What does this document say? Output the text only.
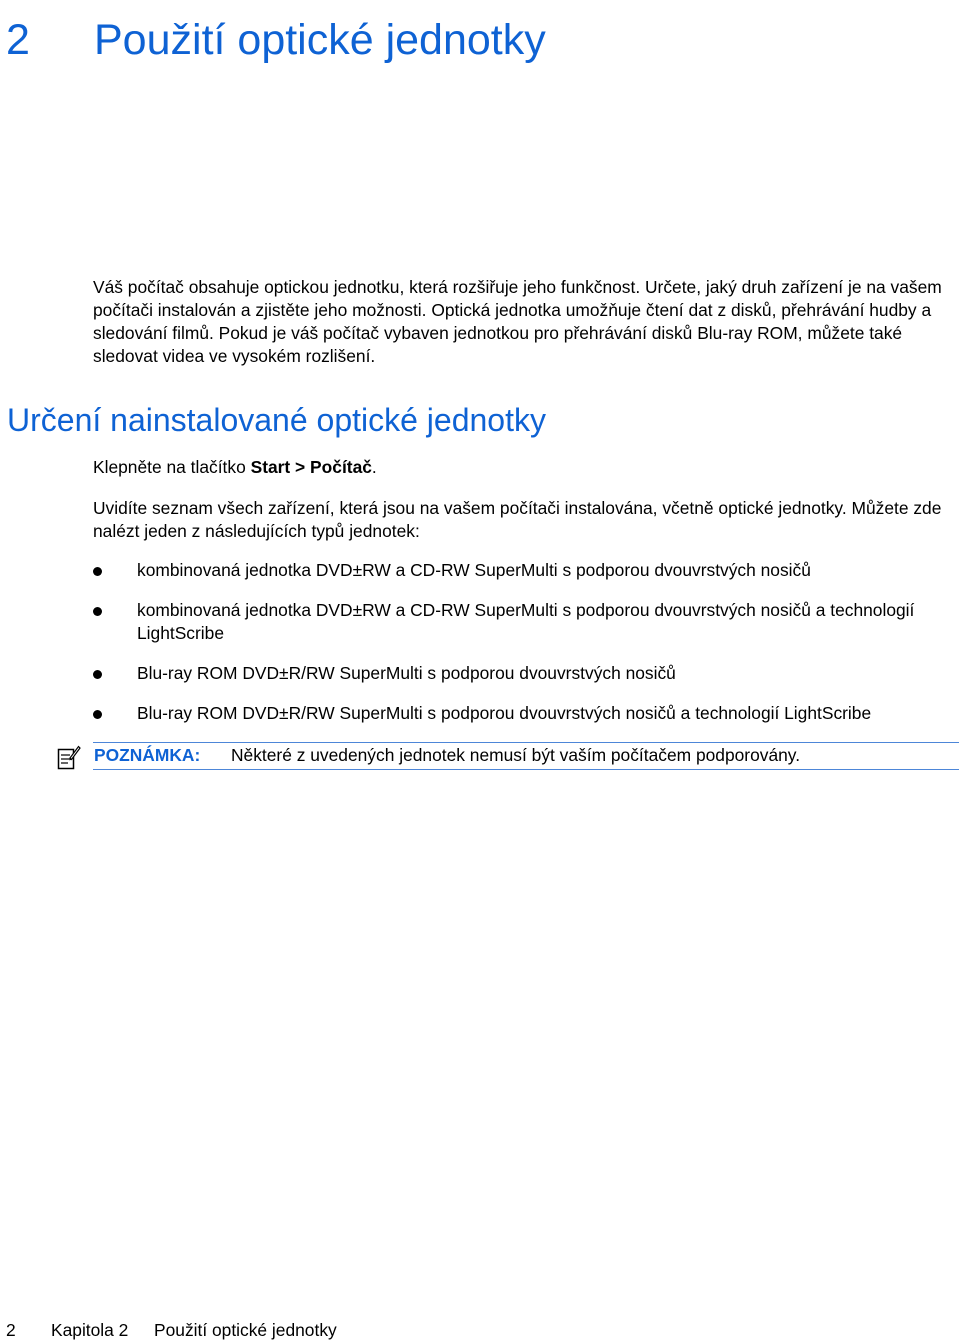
2 Použití optické jednotky

Váš počítač obsahuje optickou jednotku, která rozšiřuje jeho funkčnost. Určete, jaký druh zařízení je na vašem počítači instalován a zjistěte jeho možnosti. Optická jednotka umožňuje čtení dat z disků, přehrávání hudby a sledování filmů. Pokud je váš počítač vybaven jednotkou pro přehrávání disků Blu-ray ROM, můžete také sledovat videa ve vysokém rozlišení.

Určení nainstalované optické jednotky

Klepněte na tlačítko Start > Počítač.

Uvidíte seznam všech zařízení, která jsou na vašem počítači instalována, včetně optické jednotky. Můžete zde nalézt jeden z následujících typů jednotek:

kombinovaná jednotka DVD±RW a CD-RW SuperMulti s podporou dvouvrstvých nosičů
kombinovaná jednotka DVD±RW a CD-RW SuperMulti s podporou dvouvrstvých nosičů a technologií LightScribe
Blu-ray ROM DVD±R/RW SuperMulti s podporou dvouvrstvých nosičů
Blu-ray ROM DVD±R/RW SuperMulti s podporou dvouvrstvých nosičů a technologií LightScribe
POZNÁMKA: Některé z uvedených jednotek nemusí být vaším počítačem podporovány.
2 Kapitola 2 Použití optické jednotky
